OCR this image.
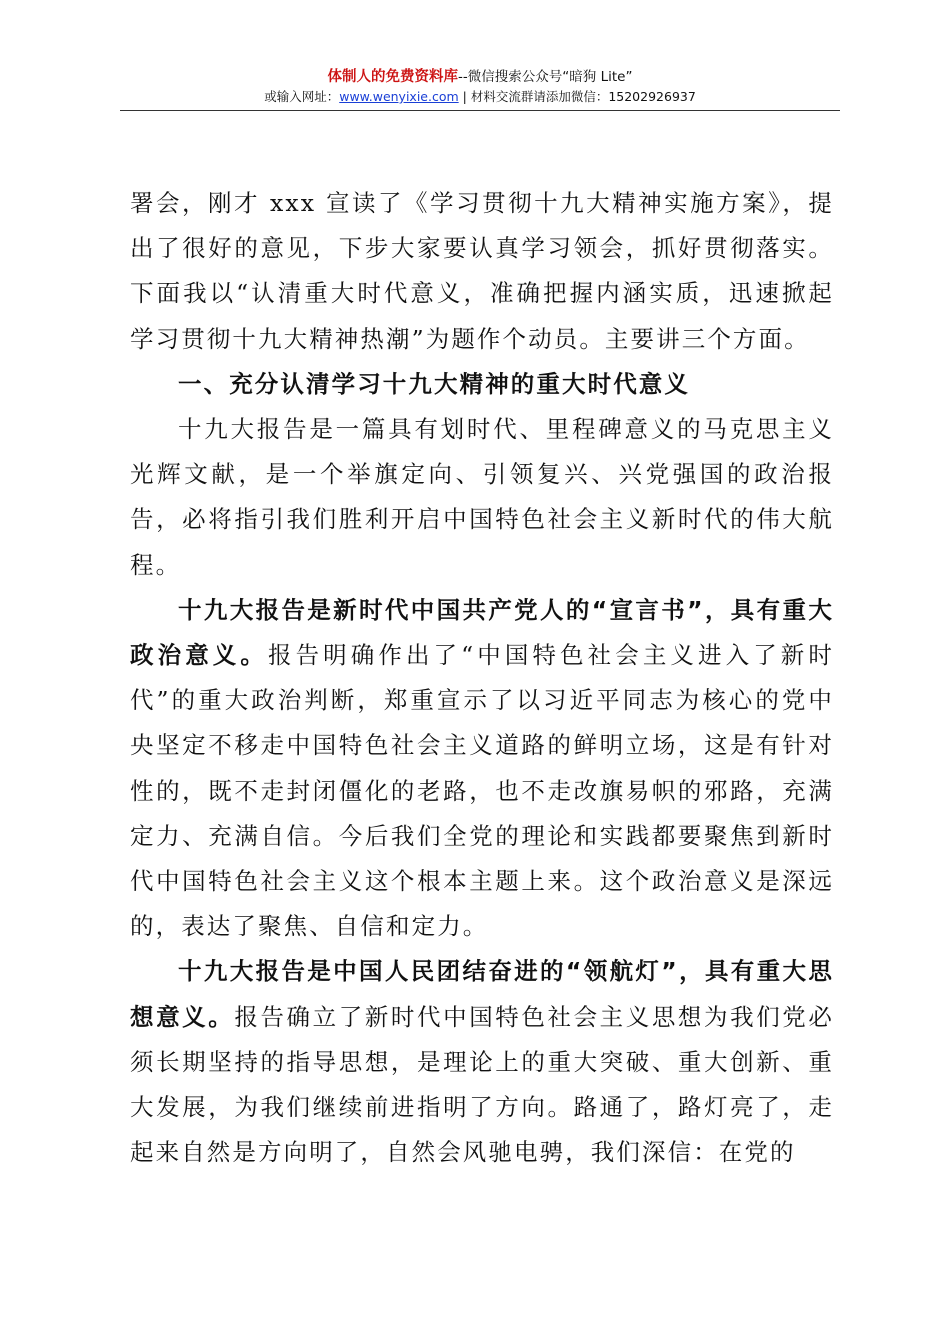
体制人的免费资料库--微信搜索公众号“暗狗 Lite”
或输入网址：www.wenyixie.com | 材料交流群请添加微信：15202926937

署会，刚才 xxx 宣读了《学习贯彻十九大精神实施方案》，提出了很好的意见，下步大家要认真学习领会，抓好贯彻落实。下面我以“认清重大时代意义，准确把握内涵实质，迅速掀起学习贯彻十九大精神热潮”为题作个动员。主要讲三个方面。

一、充分认清学习十九大精神的重大时代意义

十九大报告是一篇具有划时代、里程碑意义的马克思主义光辉文献，是一个举旗定向、引领复兴、兴党强国的政治报告，必将指引我们胜利开启中国特色社会主义新时代的伟大航程。

十九大报告是新时代中国共产党人的“宣言书”，具有重大政治意义。报告明确作出了“中国特色社会主义进入了新时代”的重大政治判断，郑重宣示了以习近平同志为核心的党中央坚定不移走中国特色社会主义道路的鲜明立场，这是有针对性的，既不走封闭僵化的老路，也不走改旗易帜的邪路，充满定力、充满自信。今后我们全党的理论和实践都要聚焦到新时代中国特色社会主义这个根本主题上来。这个政治意义是深远的，表达了聚焦、自信和定力。

十九大报告是中国人民团结奋进的“领航灯”，具有重大思想意义。报告确立了新时代中国特色社会主义思想为我们党必须长期坚持的指导思想，是理论上的重大突破、重大创新、重大发展，为我们继续前进指明了方向。路通了，路灯亮了，走起来自然是方向明了，自然会风驰电骋，我们深信：在党的
